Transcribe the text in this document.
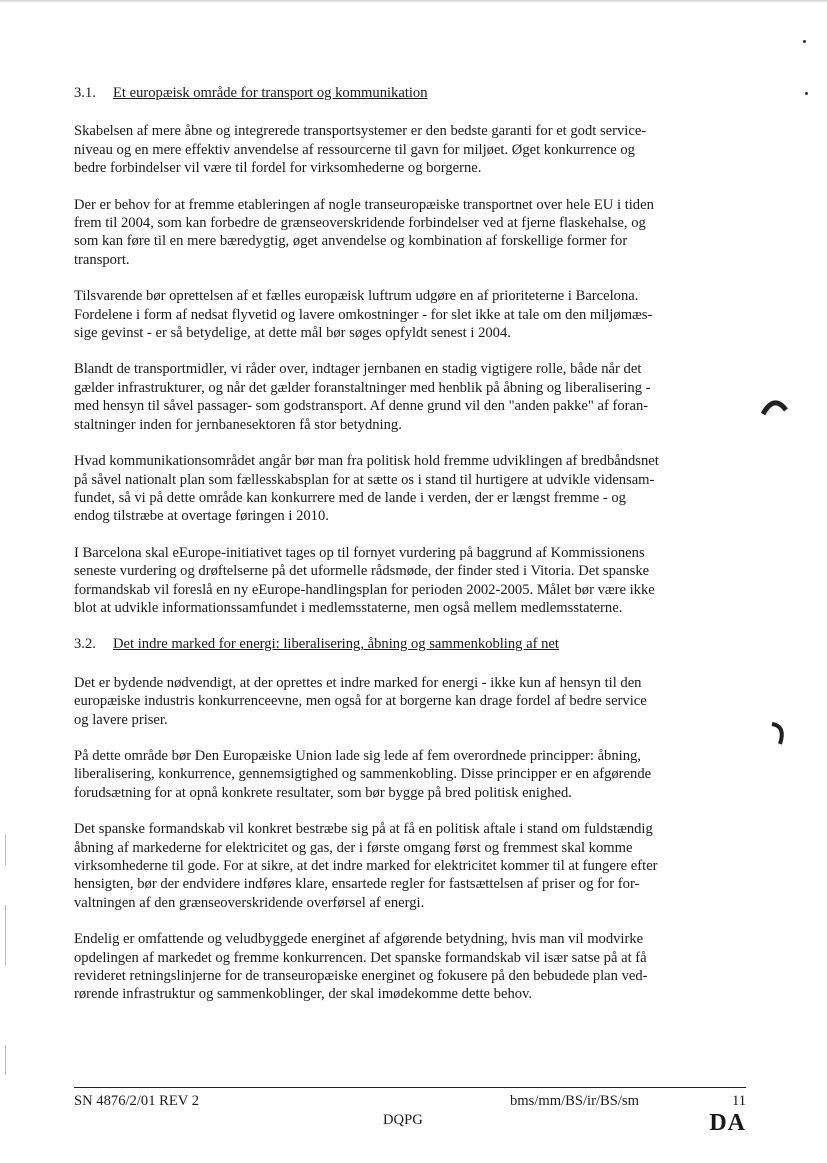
3.1.	Et europæisk område for transport og kommunikation

Skabelsen af mere åbne og integrerede transportsystemer er den bedste garanti for et godt service-
niveau og en mere effektiv anvendelse af ressourcerne til gavn for miljøet. Øget konkurrence og
bedre forbindelser vil være til fordel for virksomhederne og borgerne.

Der er behov for at fremme etableringen af nogle transeuropæiske transportnet over hele EU i tiden
frem til 2004, som kan forbedre de grænseoverskridende forbindelser ved at fjerne flaskehalse, og
som kan føre til en mere bæredygtig, øget anvendelse og kombination af forskellige former for
transport.

Tilsvarende bør oprettelsen af et fælles europæisk luftrum udgøre en af prioriteterne i Barcelona.
Fordelene i form af nedsat flyvetid og lavere omkostninger - for slet ikke at tale om den miljømæs-
sige gevinst - er så betydelige, at dette mål bør søges opfyldt senest i 2004.

Blandt de transportmidler, vi råder over, indtager jernbanen en stadig vigtigere rolle, både når det
gælder infrastrukturer, og når det gælder foranstaltninger med henblik på åbning og liberalisering -
med hensyn til såvel passager- som godstransport. Af denne grund vil den "anden pakke" af foran-
staltninger inden for jernbanesektoren få stor betydning.

Hvad kommunikationsområdet angår bør man fra politisk hold fremme udviklingen af bredbåndsnet
på såvel nationalt plan som fællesskabsplan for at sætte os i stand til hurtigere at udvikle vidensam-
fundet, så vi på dette område kan konkurrere med de lande i verden, der er længst fremme - og
endog tilstræbe at overtage føringen i 2010.

I Barcelona skal eEurope-initiativet tages op til fornyet vurdering på baggrund af Kommissionens
seneste vurdering og drøftelserne på det uformelle rådsmøde, der finder sted i Vitoria. Det spanske
formandskab vil foreslå en ny eEurope-handlingsplan for perioden 2002-2005. Målet bør være ikke
blot at udvikle informationssamfundet i medlemsstaterne, men også mellem medlemsstaterne.

3.2.	Det indre marked for energi: liberalisering, åbning og sammenkobling af net

Det er bydende nødvendigt, at der oprettes et indre marked for energi - ikke kun af hensyn til den
europæiske industris konkurrenceevne, men også for at borgerne kan drage fordel af bedre service
og lavere priser.

På dette område bør Den Europæiske Union lade sig lede af fem overordnede principper: åbning,
liberalisering, konkurrence, gennemsigtighed og sammenkobling. Disse principper er en afgørende
forudsætning for at opnå konkrete resultater, som bør bygge på bred politisk enighed.

Det spanske formandskab vil konkret bestræbe sig på at få en politisk aftale i stand om fuldstændig
åbning af markederne for elektricitet og gas, der i første omgang først og fremmest skal komme
virksomhederne til gode. For at sikre, at det indre marked for elektricitet kommer til at fungere efter
hensigten, bør der endvidere indføres klare, ensartede regler for fastsættelsen af priser og for for-
valtningen af den grænseoverskridende overførsel af energi.

Endelig er omfattende og veludbyggede energinet af afgørende betydning, hvis man vil modvirke
opdelingen af markedet og fremme konkurrencen. Det spanske formandskab vil især satse på at få
revideret retningslinjerne for de transeuropæiske energinet og fokusere på den bebudede plan ved-
rørende infrastruktur og sammenkoblinger, der skal imødekomme dette behov.

SN 4876/2/01 REV 2	bms/mm/BS/ir/BS/sm	11
DQPG	DA
